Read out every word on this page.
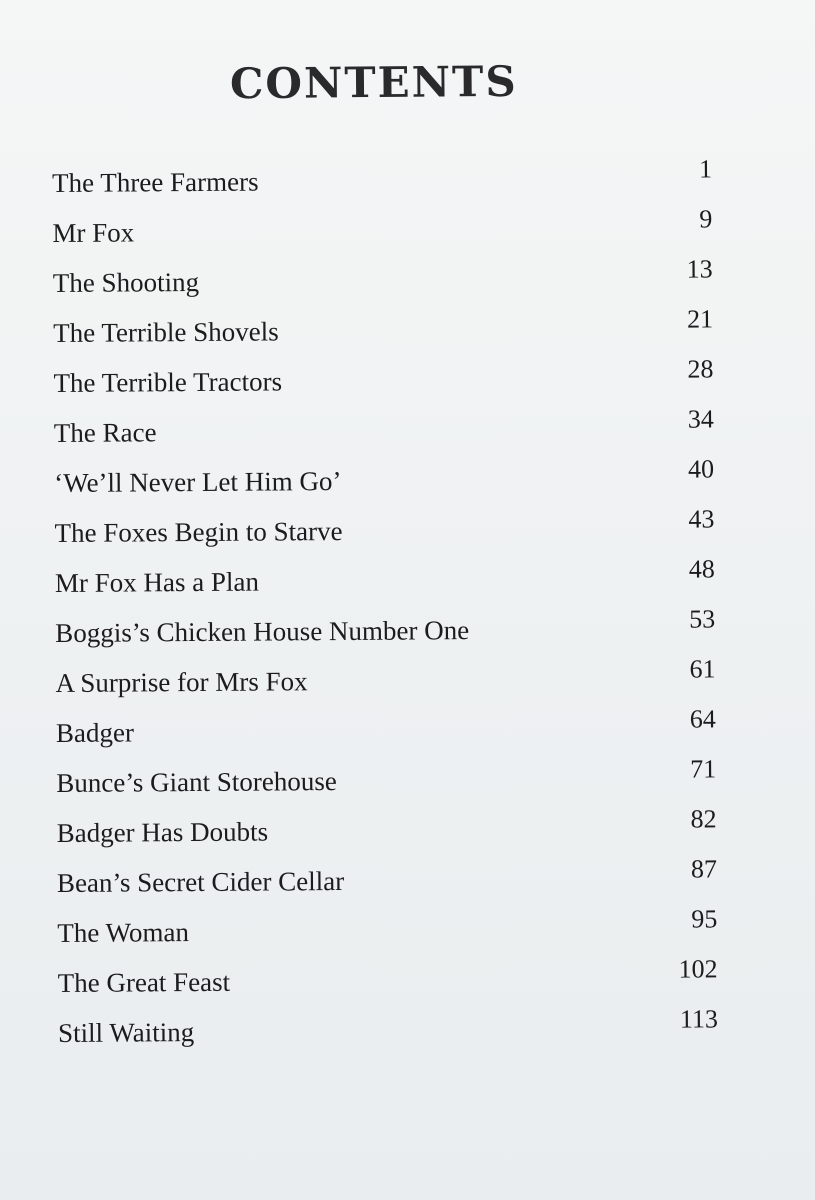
CONTENTS
The Three Farmers	1
Mr Fox	9
The Shooting	13
The Terrible Shovels	21
The Terrible Tractors	28
The Race	34
‘We’ll Never Let Him Go’	40
The Foxes Begin to Starve	43
Mr Fox Has a Plan	48
Boggis’s Chicken House Number One	53
A Surprise for Mrs Fox	61
Badger	64
Bunce’s Giant Storehouse	71
Badger Has Doubts	82
Bean’s Secret Cider Cellar	87
The Woman	95
The Great Feast	102
Still Waiting	113
